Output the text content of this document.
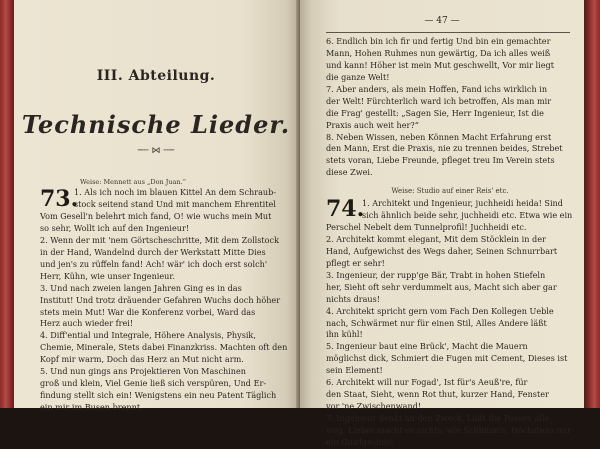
III. Abteilung.
Technische Lieder.
─╌ ⋈ ╌─
Weise: Mennett aus „Don Juan.“
73.
1. Als ich noch im blauen Kittel An dem Schraub-
stock seitend stand Und mit manchem Ehrentitel
Vom Gesell'n belehrt mich fand, O! wie wuchs mein Mut
so sehr, Wollt ich auf den Ingenieur!
2. Wenn der mit 'nem Görtscheschritte, Mit dem Zollstock
in der Hand, Wandelnd durch der Werkstatt Mitte Dies
und jen's zu rüffeln fand! Ach! wär' ich doch erst solch'
Herr, Kühn, wie unser Ingenieur.
3. Und nach zweien langen Jahren Ging es in das
Institut! Und trotz dräuender Gefahren Wuchs doch höher
stets mein Mut! War die Konferenz vorbei, Ward das
Herz auch wieder frei!
4. Diff'ential und Integrale, Höhere Analysis, Physik,
Chemie, Minerale, Stets dabei Finanzkriss. Machten oft den
Kopf mir warm, Doch das Herz an Mut nicht arm.
5. Und nun gings ans Projektieren Von Maschinen
groß und klein, Viel Genie ließ sich verspüren, Und Er-
findung stellt sich ein! Wenigstens ein neu Patent Täglich
ein mir im Busen brennt.
— 47 —
6. Endlich bin ich fir und fertig Und bin ein gemachter
Mann, Hohen Ruhmes nun gewärtig, Da ich alles weiß
und kann! Höher ist mein Mut geschwellt, Vor mir liegt
die ganze Welt!
7. Aber anders, als mein Hoffen, Fand ichs wirklich in
der Welt! Fürchterlich ward ich betroffen, Als man mir
die Frag' gestellt: „Sagen Sie, Herr Ingenieur, Ist die
Praxis auch weit her?“
8. Neben Wissen, neben Können Macht Erfahrung erst
den Mann, Erst die Praxis, nie zu trennen beides, Strebet
stets voran, Liebe Freunde, pfleget treu Im Verein stets
diese Zwei.
Weise: Studio auf einer Reis' etc.
74.
1. Architekt und Ingenieur, juchheidi heida! Sind
sich ähnlich beide sehr, juchheidi etc. Etwa wie ein
Perschel Nebelt dem Tunnelprofil! Juchheidi etc.
2. Architekt kommt elegant, Mit dem Stöcklein in der
Hand, Aufgewichst des Wegs daher, Seinen Schnurrbart
pflegt er sehr!
3. Ingenieur, der rupp'ge Bär, Trabt in hohen Stiefeln
her, Sieht oft sehr verdummelt aus, Macht sich aber gar
nichts draus!
4. Architekt spricht gern vom Fach Den Kollegen Ueble
nach, Schwärmet nur für einen Stil, Alles Andere läßt
ihn kühl!
5. Ingenieur baut eine Brück', Macht die Mauern
möglichst dick, Schmiert die Fugen mit Cement, Dieses ist
sein Element!
6. Architekt will nur Fogad', Ist für's Aeuß're, für
den Staat, Sieht, wenn Rot thut, kurzer Hand, Fenster
vor 'ne Zwischenwand!
7. Ingenieur denkt an den Zweck, Läßt die Possen alle
weg, Lieber macht er nichts, wie Schlimm's, Höchstens nur
ein Guirlgesims!
